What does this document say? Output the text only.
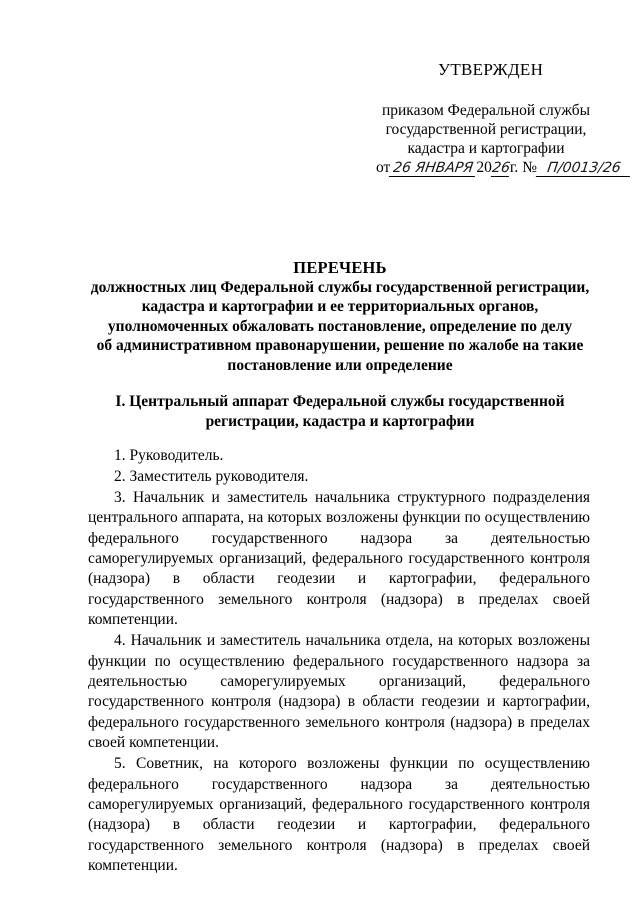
УТВЕРЖДЕН
приказом Федеральной службы
государственной регистрации,
кадастра и картографии
от 26 ЯНВАРЯ 2026г. № П/0013/26
ПЕРЕЧЕНЬ
должностных лиц Федеральной службы государственной регистрации,
кадастра и картографии и ее территориальных органов,
уполномоченных обжаловать постановление, определение по делу
об административном правонарушении, решение по жалобе на такие
постановление или определение
I. Центральный аппарат Федеральной службы государственной
регистрации, кадастра и картографии

1. Руководитель.

2. Заместитель руководителя.

3. Начальник и заместитель начальника структурного подразделения центрального аппарата, на которых возложены функции по осуществлению федерального государственного надзора за деятельностью саморегулируемых организаций, федерального государственного контроля (надзора) в области геодезии и картографии, федерального государственного земельного контроля (надзора) в пределах своей компетенции.

4. Начальник и заместитель начальника отдела, на которых возложены функции по осуществлению федерального государственного надзора за деятельностью саморегулируемых организаций, федерального государственного контроля (надзора) в области геодезии и картографии, федерального государственного земельного контроля (надзора) в пределах своей компетенции.

5. Советник, на которого возложены функции по осуществлению федерального государственного надзора за деятельностью саморегулируемых организаций, федерального государственного контроля (надзора) в области геодезии и картографии, федерального государственного земельного контроля (надзора) в пределах своей компетенции.
